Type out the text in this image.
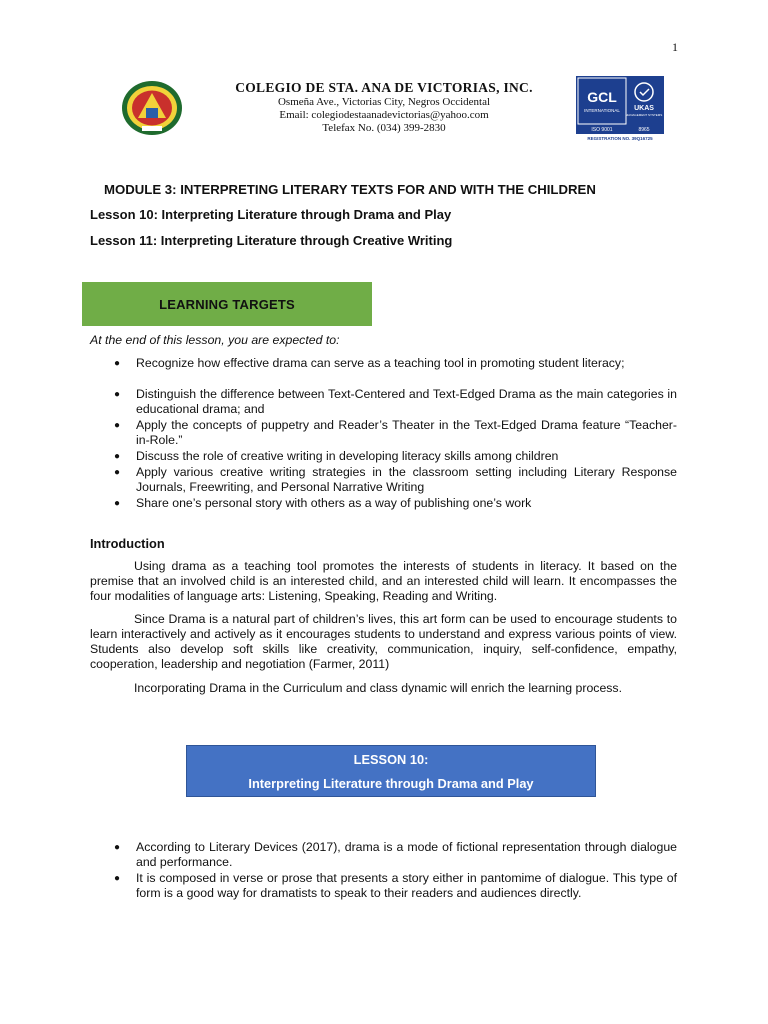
1
COLEGIO DE STA. ANA DE VICTORIAS, INC.
Osmeña Ave., Victorias City, Negros Occidental
Email: colegiodestaanadevictorias@yahoo.com
Telefax No. (034) 399-2830
GCL
INTERNATIONAL UKAS
MANAGEMENT SYSTEMS
ISO 9001	8965
REGISTRATION NO. 39Q16725
MODULE 3: INTERPRETING LITERARY TEXTS FOR AND WITH THE CHILDREN
Lesson 10: Interpreting Literature through Drama and Play
Lesson 11: Interpreting Literature through Creative Writing
LEARNING TARGETS
At the end of this lesson, you are expected to:
● Recognize how effective drama can serve as a teaching tool in promoting student literacy;
● Distinguish the difference between Text-Centered and Text-Edged Drama as the main categories in educational drama; and
● Apply the concepts of puppetry and Reader’s Theater in the Text-Edged Drama feature “Teacher-in-Role.”
● Discuss the role of creative writing in developing literacy skills among children
● Apply various creative writing strategies in the classroom setting including Literary Response Journals, Freewriting, and Personal Narrative Writing
● Share one’s personal story with others as a way of publishing one’s work
Introduction
Using drama as a teaching tool promotes the interests of students in literacy. It based on the premise that an involved child is an interested child, and an interested child will learn. It encompasses the four modalities of language arts: Listening, Speaking, Reading and Writing.
Since Drama is a natural part of children’s lives, this art form can be used to encourage students to learn interactively and actively as it encourages students to understand and express various points of view. Students also develop soft skills like creativity, communication, inquiry, self-confidence, empathy, cooperation, leadership and negotiation (Farmer, 2011)
Incorporating Drama in the Curriculum and class dynamic will enrich the learning process.
LESSON 10:
Interpreting Literature through Drama and Play
● According to Literary Devices (2017), drama is a mode of fictional representation through dialogue and performance.
● It is composed in verse or prose that presents a story either in pantomime of dialogue. This type of form is a good way for dramatists to speak to their readers and audiences directly.
